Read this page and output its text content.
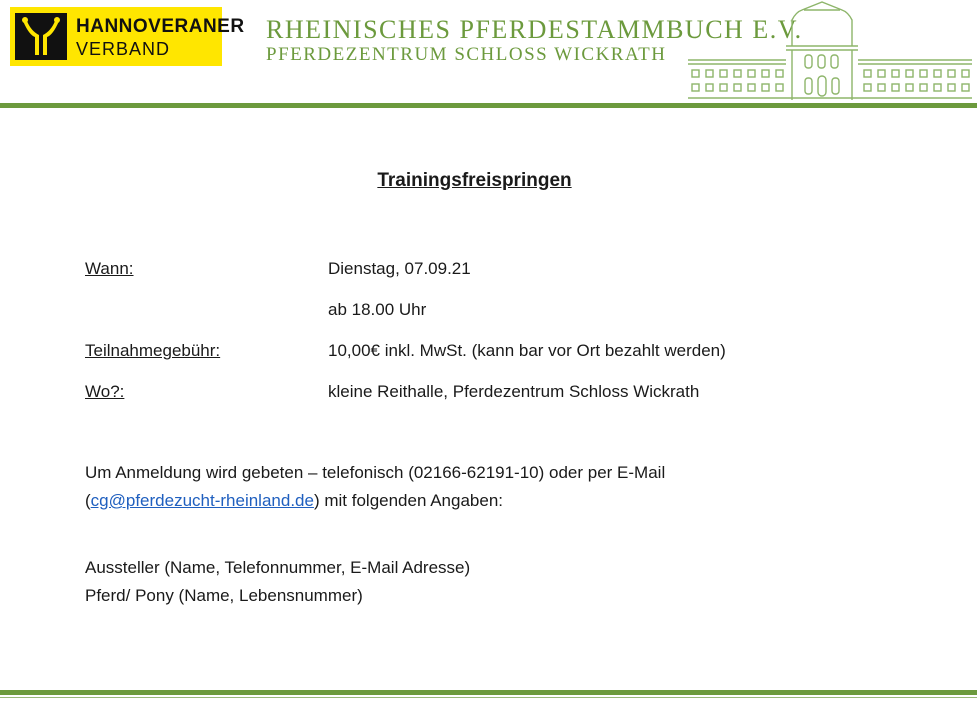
HANNOVERANER
VERBAND
RHEINISCHES PFERDESTAMMBUCH E.V.
PFERDEZENTRUM SCHLOSS WICKRATH
Trainingsfreispringen
Wann:	Dienstag, 07.09.21
ab 18.00 Uhr
Teilnahmegebühr:	10,00€ inkl. MwSt. (kann bar vor Ort bezahlt werden)
Wo?:	kleine Reithalle, Pferdezentrum Schloss Wickrath
Um Anmeldung wird gebeten – telefonisch (02166-62191-10) oder per E-Mail
(cg@pferdezucht-rheinland.de) mit folgenden Angaben:
Aussteller (Name, Telefonnummer, E-Mail Adresse)
Pferd/ Pony (Name, Lebensnummer)
